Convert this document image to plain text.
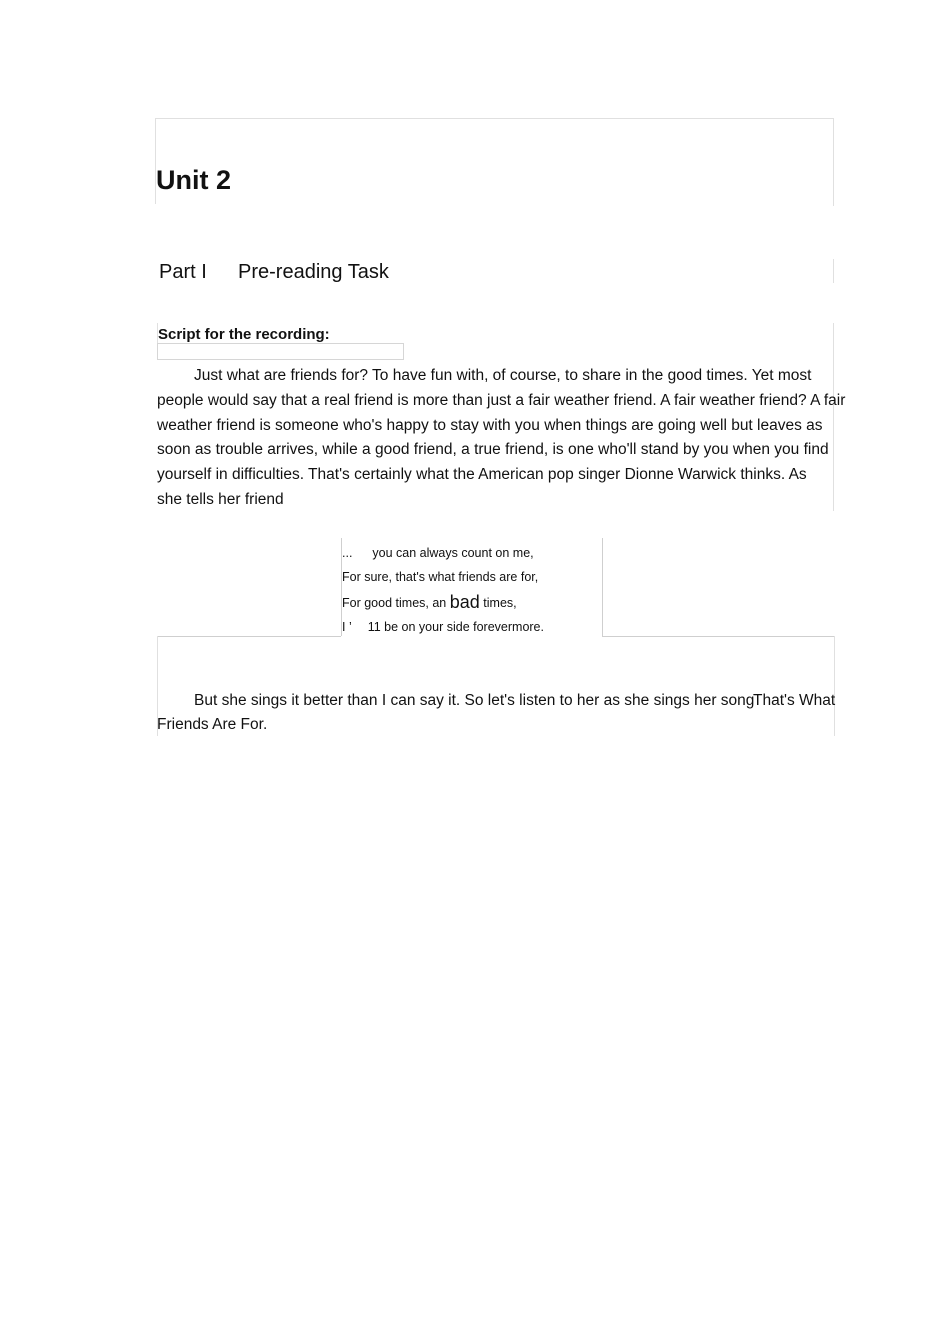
Unit 2
Part I Pre-reading Task
Script for the recording:
Just what are friends for? To have fun with, of course, to share in the good times. Yet most
people would say that a real friend is more than just a fair weather friend. A fair weather friend? A fair
weather friend is someone who's happy to stay with you when things are going well but leaves as
soon as trouble arrives, while a good friend, a true friend, is one who'll stand by you when you find
yourself in difficulties. That's certainly what the American pop singer Dionne Warwick thinks. As
she tells her friend
... you can always count on me,
For sure, that's what friends are for,
For good times, an bad times,
I ’ 11 be on your side forevermore.
But she sings it better than I can say it. So let's listen to her as she sings her song
That's What
Friends Are For.
